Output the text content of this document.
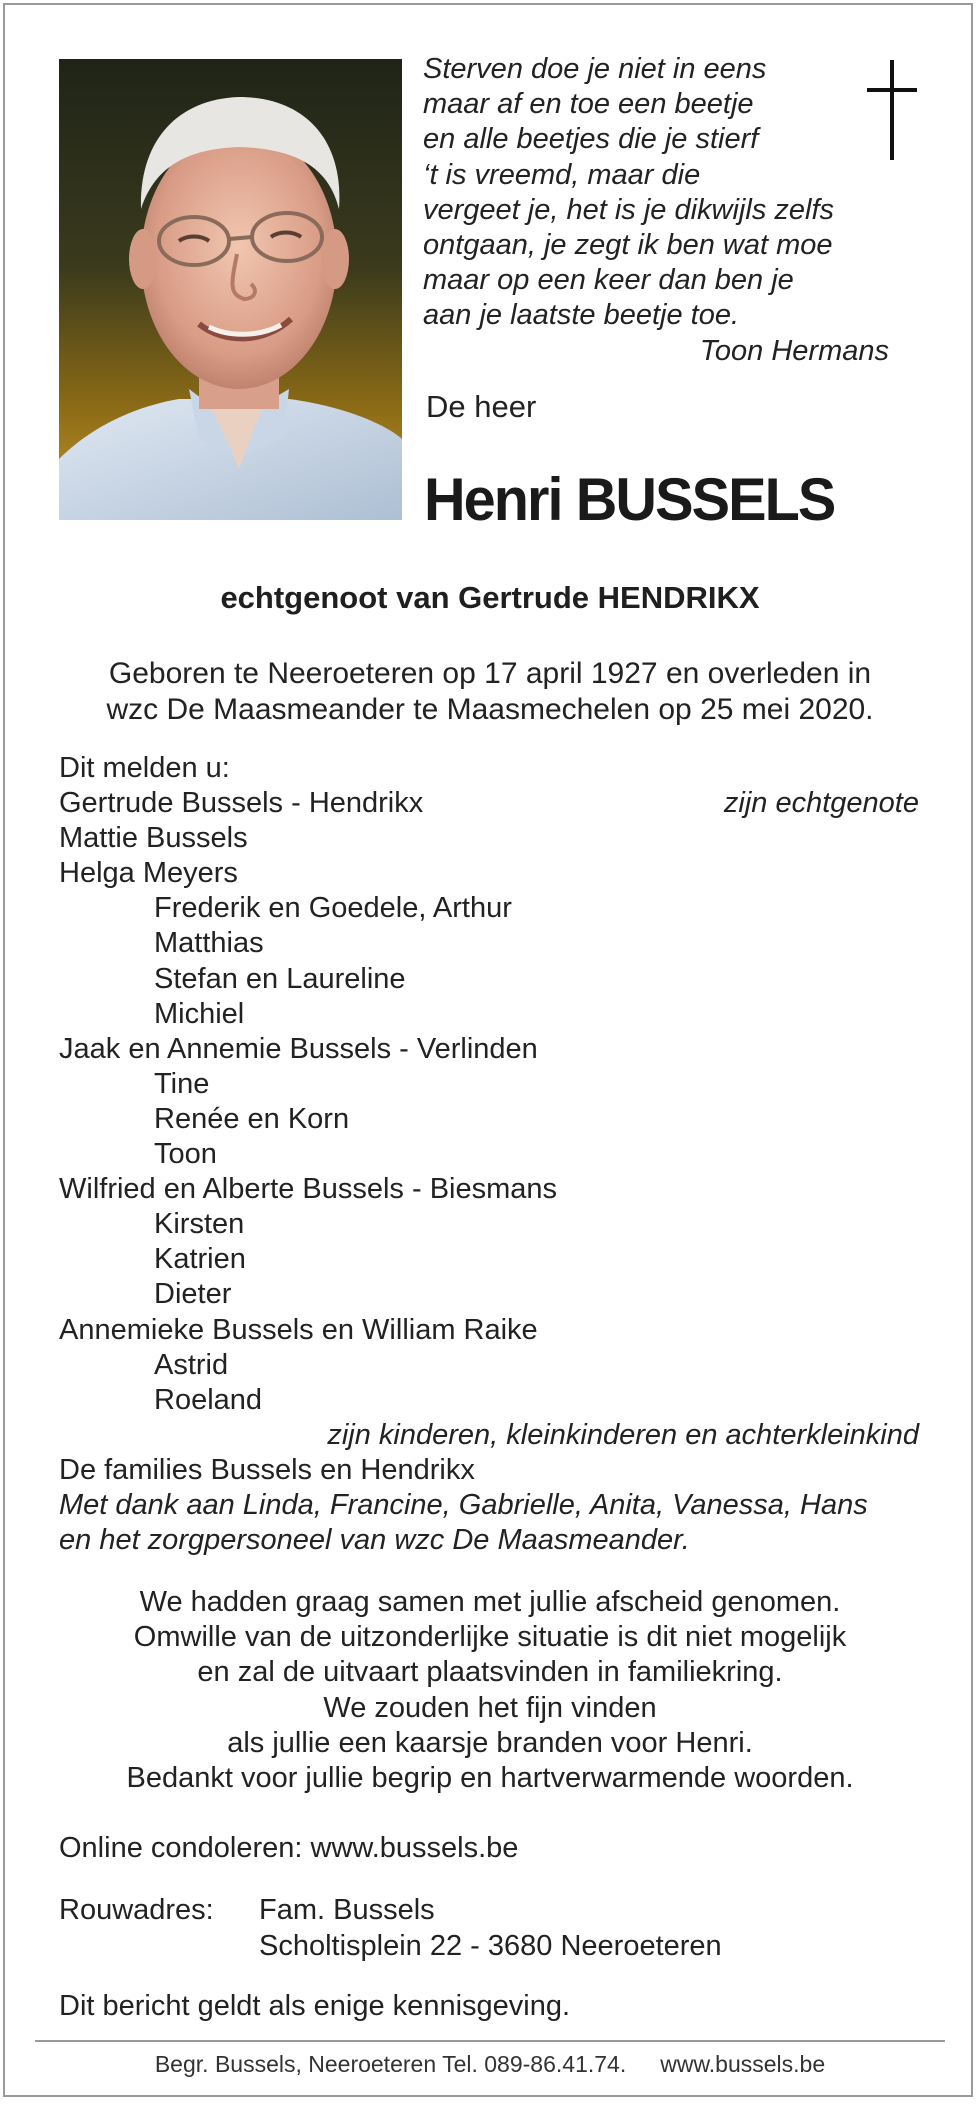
Sterven doe je niet in eens
maar af en toe een beetje
en alle beetjes die je stierf
‘t is vreemd, maar die
vergeet je, het is je dikwijls zelfs
ontgaan, je zegt ik ben wat moe
maar op een keer dan ben je
aan je laatste beetje toe.
Toon Hermans
De heer
Henri BUSSELS
echtgenoot van Gertrude HENDRIKX
Geboren te Neeroeteren op 17 april 1927 en overleden in
wzc De Maasmeander te Maasmechelen op 25 mei 2020.
Dit melden u:
Gertrude Bussels - Hendrikx	zijn echtgenote
Mattie Bussels
Helga Meyers
Frederik en Goedele, Arthur
Matthias
Stefan en Laureline
Michiel
Jaak en Annemie Bussels - Verlinden
Tine
Renée en Korn
Toon
Wilfried en Alberte Bussels - Biesmans
Kirsten
Katrien
Dieter
Annemieke Bussels en William Raike
Astrid
Roeland
zijn kinderen, kleinkinderen en achterkleinkind
De families Bussels en Hendrikx
Met dank aan Linda, Francine, Gabrielle, Anita, Vanessa, Hans
en het zorgpersoneel van wzc De Maasmeander.
We hadden graag samen met jullie afscheid genomen.
Omwille van de uitzonderlijke situatie is dit niet mogelijk
en zal de uitvaart plaatsvinden in familiekring.
We zouden het fijn vinden
als jullie een kaarsje branden voor Henri.
Bedankt voor jullie begrip en hartverwarmende woorden.
Online condoleren: www.bussels.be
Rouwadres: Fam. Bussels
Scholtisplein 22 - 3680 Neeroeteren
Dit bericht geldt als enige kennisgeving.
Begr. Bussels, Neeroeteren Tel. 089-86.41.74. www.bussels.be
